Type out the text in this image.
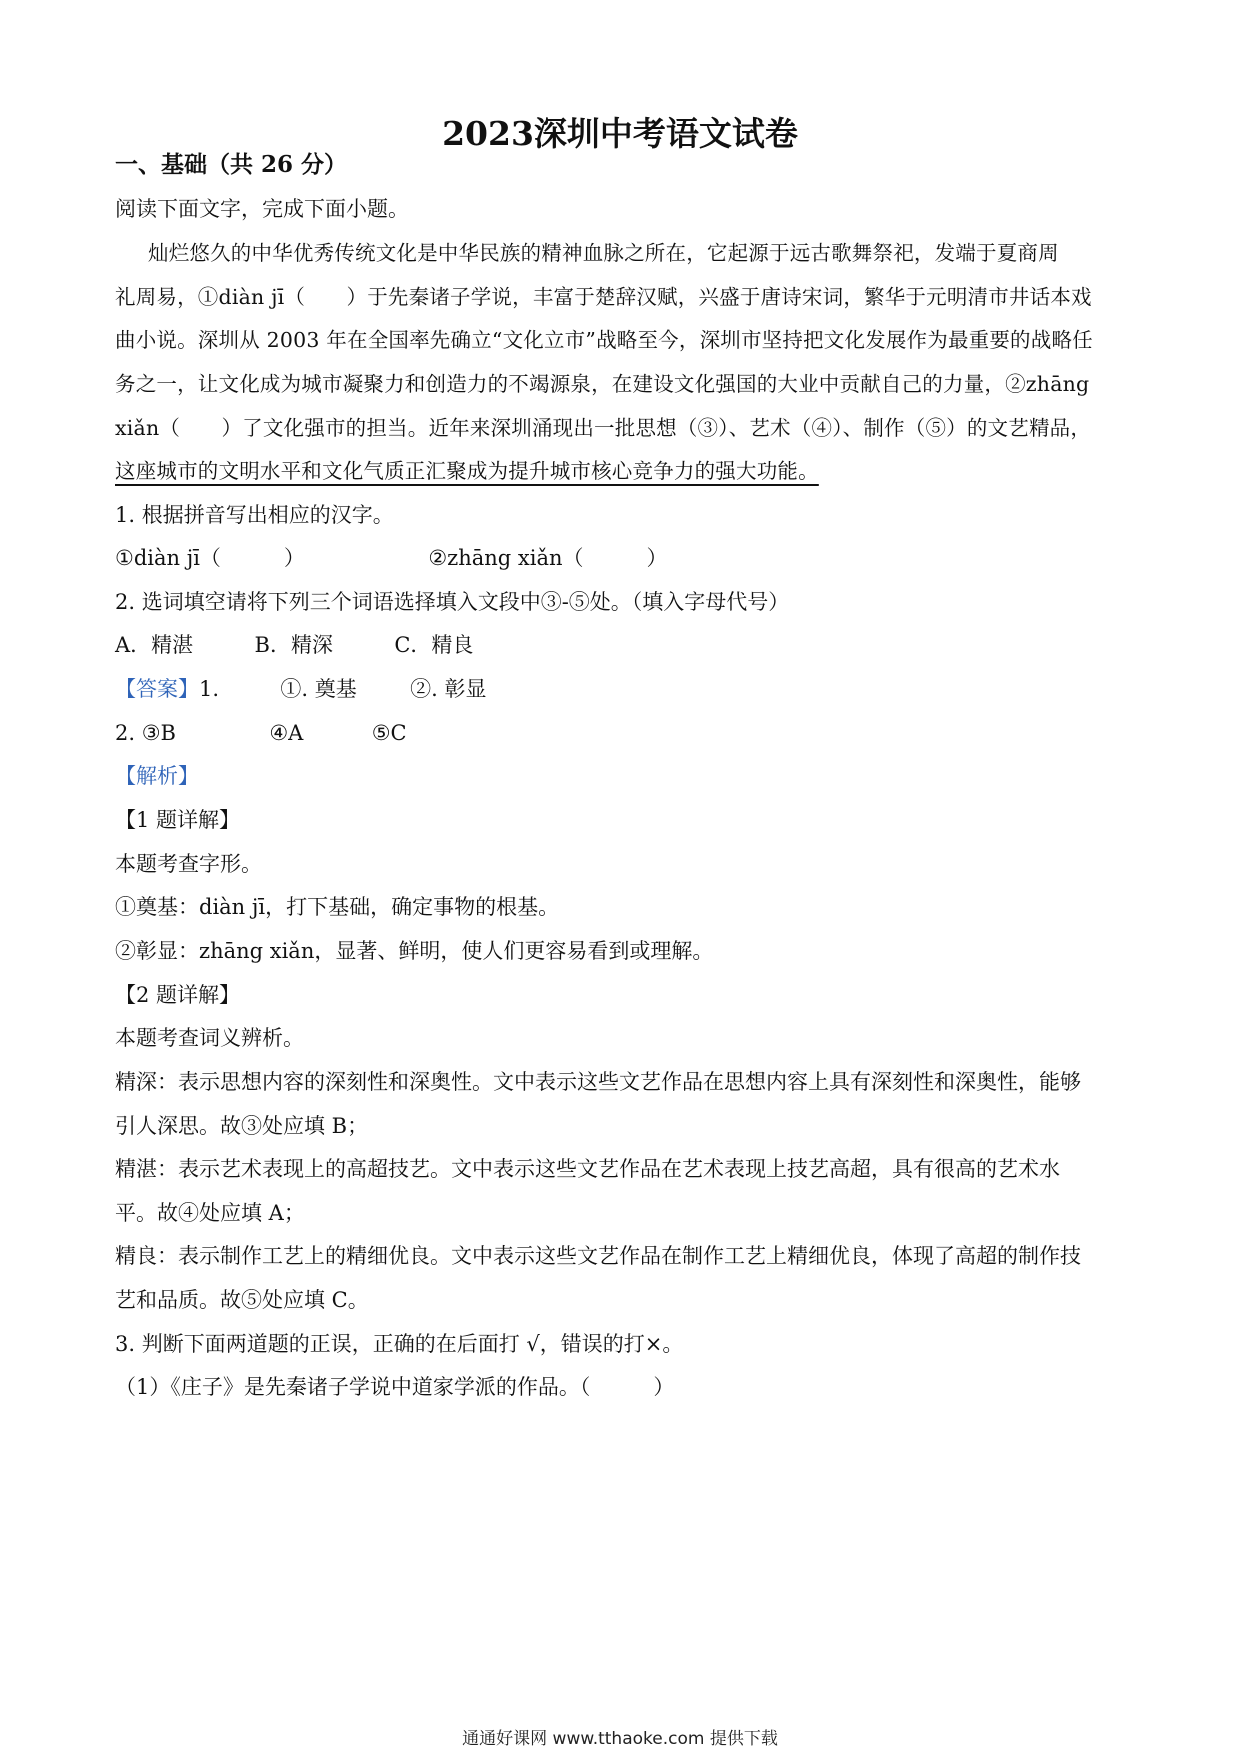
2023深圳中考语文试卷
一、基础（共 26 分）
阅读下面文字，完成下面小题。
灿烂悠久的中华优秀传统文化是中华民族的精神血脉之所在，它起源于远古歌舞祭祀，发端于夏商周
礼周易，①diàn jī（　　）于先秦诸子学说，丰富于楚辞汉赋，兴盛于唐诗宋词，繁华于元明清市井话本戏
曲小说。深圳从 2003 年在全国率先确立“文化立市”战略至今，深圳市坚持把文化发展作为最重要的战略任
务之一，让文化成为城市凝聚力和创造力的不竭源泉，在建设文化强国的大业中贡献自己的力量，②zhāng
xiǎn（　　）了文化强市的担当。近年来深圳涌现出一批思想（③）、艺术（④）、制作（⑤）的文艺精品，
这座城市的文明水平和文化气质正汇聚成为提升城市核心竞争力的强大功能。
1. 根据拼音写出相应的汉字。
①diàn jī（　　　）	②zhāng xiǎn（　　　）
2. 选词填空请将下列三个词语选择填入文段中③-⑤处。（填入字母代号）
A．精湛	B．精深	C．精良
【答案】1.	①. 奠基	②. 彰显
2. ③B	④A	⑤C
【解析】
【1 题详解】
本题考查字形。
①奠基：diàn jī，打下基础，确定事物的根基。
②彰显：zhāng xiǎn，显著、鲜明，使人们更容易看到或理解。
【2 题详解】
本题考查词义辨析。
精深：表示思想内容的深刻性和深奥性。文中表示这些文艺作品在思想内容上具有深刻性和深奥性，能够
引人深思。故③处应填 B；
精湛：表示艺术表现上的高超技艺。文中表示这些文艺作品在艺术表现上技艺高超，具有很高的艺术水
平。故④处应填 A；
精良：表示制作工艺上的精细优良。文中表示这些文艺作品在制作工艺上精细优良，体现了高超的制作技
艺和品质。故⑤处应填 C。
3. 判断下面两道题的正误，正确的在后面打 √，错误的打×。
（1）《庄子》是先秦诸子学说中道家学派的作品。（　　　）
通通好课网 www.tthaoke.com 提供下载
